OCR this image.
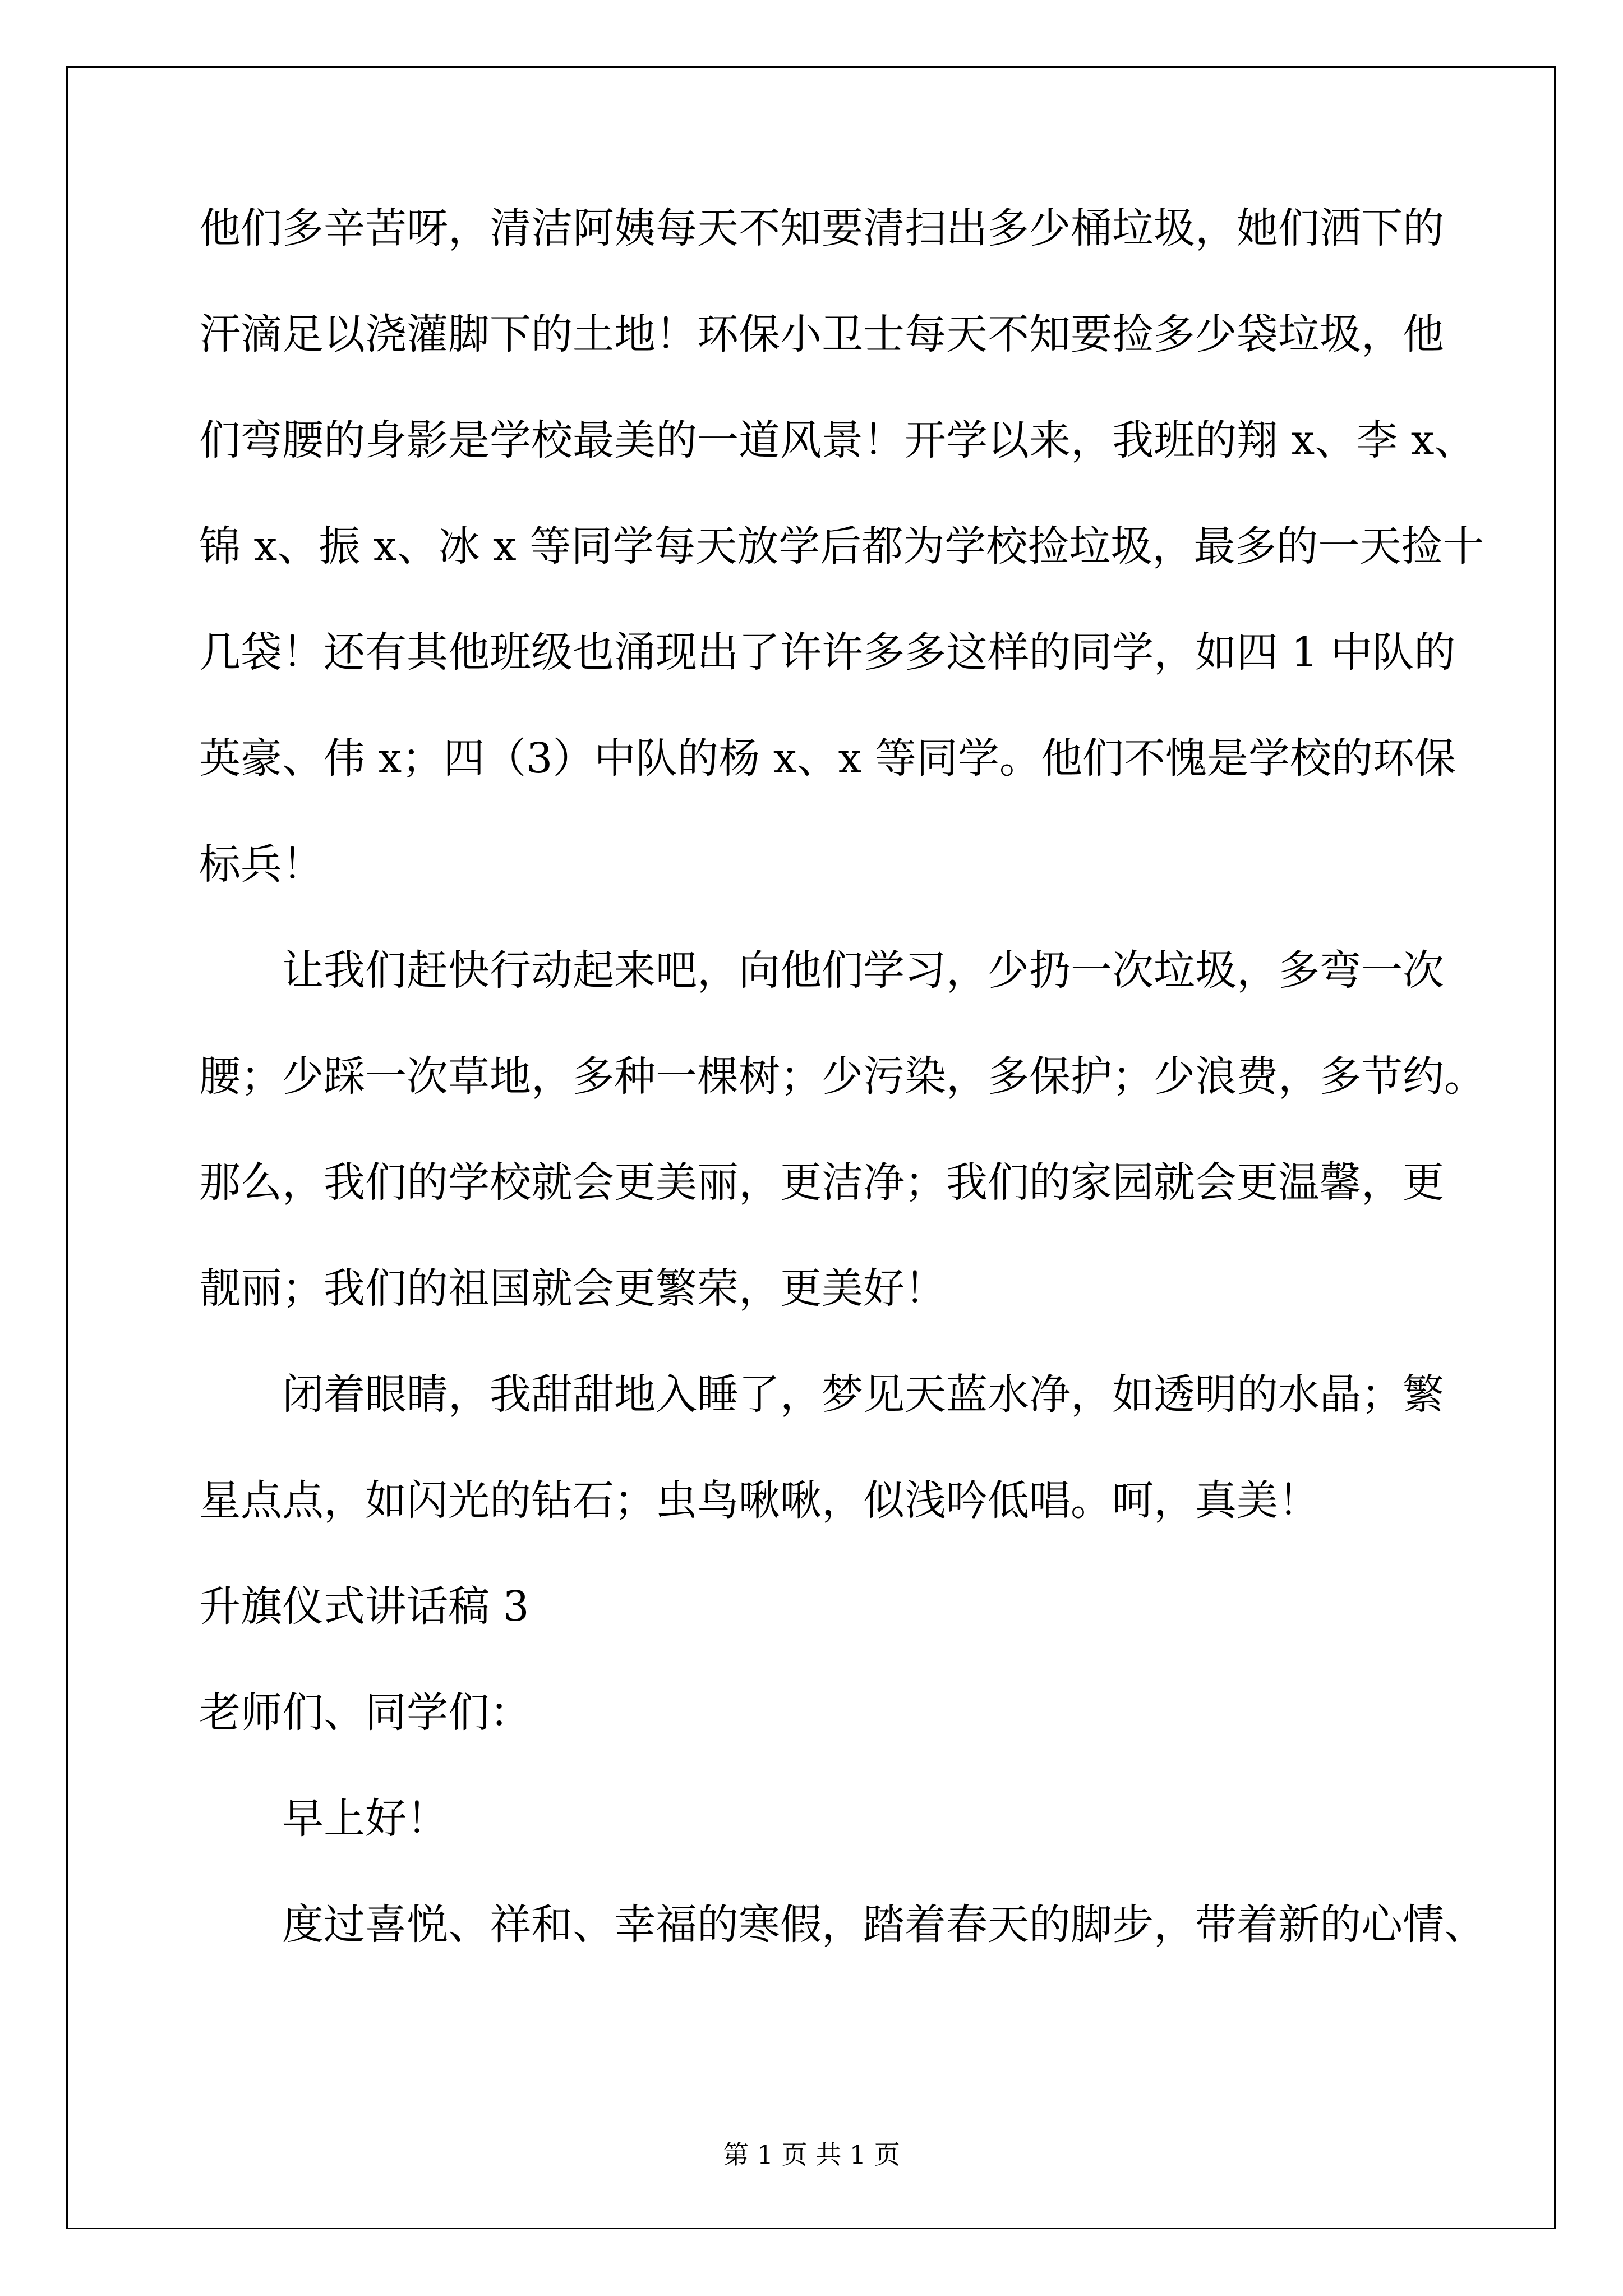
他们多辛苦呀，清洁阿姨每天不知要清扫出多少桶垃圾，她们洒下的
汗滴足以浇灌脚下的土地！环保小卫士每天不知要捡多少袋垃圾，他
们弯腰的身影是学校最美的一道风景！开学以来，我班的翔 x、李 x、
锦 x、振 x、冰 x 等同学每天放学后都为学校捡垃圾，最多的一天捡十
几袋！还有其他班级也涌现出了许许多多这样的同学，如四 1 中队的
英豪、伟 x；四（3）中队的杨 x、x 等同学。他们不愧是学校的环保
标兵！
让我们赶快行动起来吧，向他们学习，少扔一次垃圾，多弯一次
腰；少踩一次草地，多种一棵树；少污染，多保护；少浪费，多节约。
那么，我们的学校就会更美丽，更洁净；我们的家园就会更温馨，更
靓丽；我们的祖国就会更繁荣，更美好！
闭着眼睛，我甜甜地入睡了，梦见天蓝水净，如透明的水晶；繁
星点点，如闪光的钻石；虫鸟啾啾，似浅吟低唱。呵，真美！
升旗仪式讲话稿 3
老师们、同学们：
早上好！
度过喜悦、祥和、幸福的寒假，踏着春天的脚步，带着新的心情、
第 1 页 共 1 页
